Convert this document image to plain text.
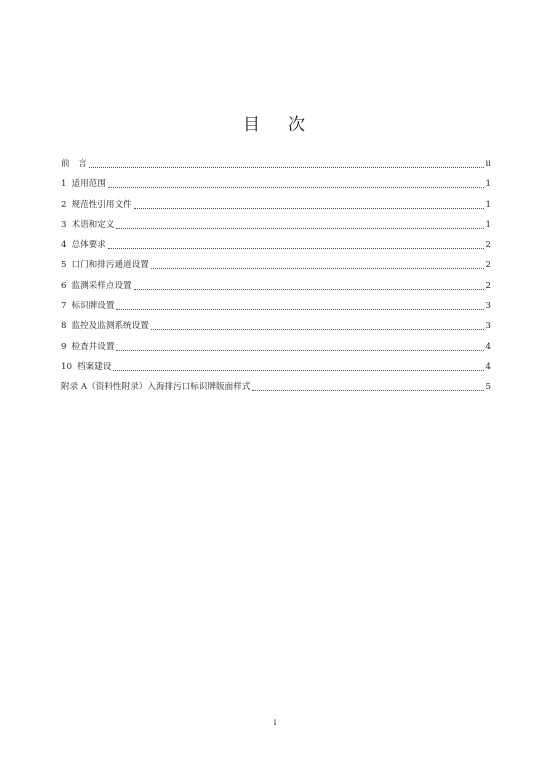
目 次
前　言	ii
1 适用范围	1
2 规范性引用文件	1
3 术语和定义	1
4 总体要求	2
5 口门和排污通道设置	2
6 监测采样点设置	2
7 标识牌设置	3
8 监控及监测系统设置	3
9 检查井设置	4
10 档案建设	4
附录 A（资料性附录）入海排污口标识牌版面样式	5
i
